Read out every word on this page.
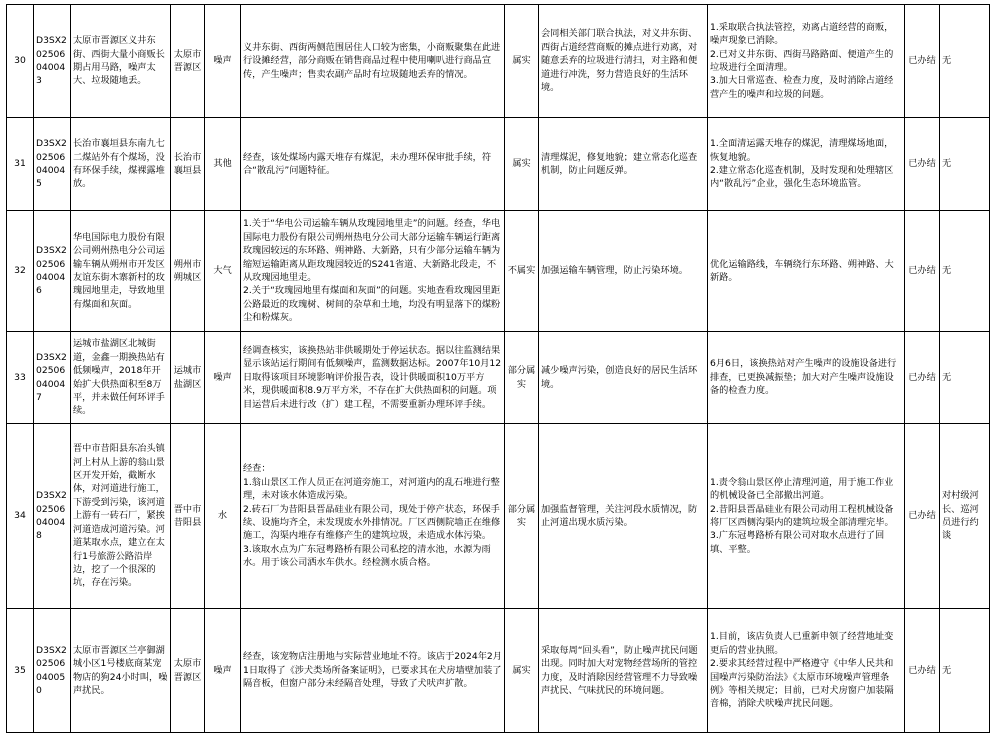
30	D3SX202506040043	太原市晋源区义井东街、西街大量小商贩长期占用马路，噪声太大、垃圾随地丢。	太原市晋源区	噪声	义井东街、西街两侧范围居住人口较为密集，小商贩聚集在此进行设摊经营，部分商贩在销售商品过程中使用喇叭进行商品宣传，产生噪声；售卖农副产品时有垃圾随地丢弃的情况。	属实	会同相关部门联合执法，对义井东街、西街占道经营商贩的摊点进行劝离，对随意丢弃的垃圾进行清扫，对主路和便道进行冲洗，努力营造良好的生活环境。	1.采取联合执法管控，劝离占道经营的商贩，噪声现象已消除。
2.已对义井东街、西街马路路面、便道产生的垃圾进行全面清理。
3.加大日常巡查、检查力度，及时消除占道经营产生的噪声和垃圾的问题。	已办结	无

31	D3SX202506040045	长治市襄垣县东南九七二煤站外有个煤场，没有环保手续，煤裸露堆放。	长治市襄垣县	其他	经查，该处煤场内露天堆存有煤泥，未办理环保审批手续，符合“散乱污”问题特征。	属实	清理煤泥，修复地貌；建立常态化巡查机制，防止问题反弹。	1.全面清运露天堆存的煤泥，清理煤场地面，恢复地貌。
2.建立常态化巡查机制，及时发现和处理辖区内“散乱污”企业，强化生态环境监管。	已办结	无

32	D3SX202506040046	华电国际电力股份有限公司朔州热电分公司运输车辆从朔州市开发区友谊东街木寨新村的玫瑰园地里走，导致地里有煤面和灰面。	朔州市朔城区	大气	1.关于“华电公司运输车辆从玫瑰园地里走”的问题。经查，华电国际电力股份有限公司朔州热电分公司大部分运输车辆运行距离玫瑰园较远的东环路、朔神路、大新路，只有少部分运输车辆为缩短运输距离从距玫瑰园较近的S241省道、大新路北段走，不从玫瑰园地里走。
2.关于“玫瑰园地里有煤面和灰面”的问题。实地查看玫瑰园里距公路最近的玫瑰树、树间的杂草和土地，均没有明显落下的煤粉尘和粉煤灰。	不属实	加强运输车辆管理，防止污染环境。	优化运输路线，车辆绕行东环路、朔神路、大新路。	已办结	无

33	D3SX202506040047	运城市盐湖区北城街道，金鑫一期换热站有低频噪声，2018年开始扩大供热面积至8万平，并未做任何环评手续。	运城市盐湖区	噪声	经调查核实，该换热站非供暖期处于停运状态。据以往监测结果显示该站运行期间有低频噪声，监测数据达标。2007年10月12日取得该项目环境影响评价报告表，设计供暖面积10万平方米，现供暖面积8.9万平方米，不存在扩大供热面积的问题。项目运营后未进行改（扩）建工程，不需要重新办理环评手续。	部分属实	减少噪声污染，创造良好的居民生活环境。	6月6日，该换热站对产生噪声的设施设备进行排查，已更换减振垫；加大对产生噪声设施设备的检查力度。	已办结	无

34	D3SX202506040048	晋中市昔阳县东冶头镇河上村从上游的翁山景区开发开始，截断水体，对河道进行施工，下游受到污染，该河道上游有一砖石厂，紧挨河道造成河道污染。河道某取水点，建立在太行1号旅游公路沿岸边，挖了一个很深的坑，存在污染。	晋中市昔阳县	水	经查：
1.翁山景区工作人员正在河道旁施工，对河道内的乱石堆进行整理，未对该水体造成污染。
2.砖石厂为昔阳县晋晶硅业有限公司，现处于停产状态，环保手续、设施均齐全，未发现废水外排情况。厂区西侧院墙正在维修施工，沟渠内堆存有维修产生的建筑垃圾，未造成水体污染。
3.该取水点为广东冠粤路桥有限公司私挖的清水池，水源为雨水。用于该公司洒水车供水。经检测水质合格。	部分属实	加强监督管理，关注河段水质情况，防止河道出现水质污染。	1.责令翁山景区停止清理河道，用于施工作业的机械设备已全部撤出河道。
2.昔阳县晋晶硅业有限公司动用工程机械设备将厂区西侧沟渠内的建筑垃圾全部清理完毕。
3.广东冠粤路桥有限公司对取水点进行了回填、平整。	已办结	对村级河长、巡河员进行约谈

35	D3SX202506040050	太原市晋源区兰亭御湖城小区1号楼底商某宠物店的狗24小时叫，噪声扰民。	太原市晋源区	噪声	经查，该宠物店注册地与实际营业地址不符。该店于2024年2月1日取得了《涉犬类场所备案证明》，已要求其在犬房墙壁加装了隔音板，但窗户部分未经隔音处理，导致了犬吠声扩散。	属实	采取每周“回头看”，防止噪声扰民问题出现。同时加大对宠物经营场所的管控力度，及时消除因经营管理不力导致噪声扰民、气味扰民的环境问题。	1.目前，该店负责人已重新申领了经营地址变更后的营业执照。
2.要求其经营过程中严格遵守《中华人民共和国噪声污染防治法》《太原市环境噪声管理条例》等相关规定；目前，已对犬房窗户加装隔音棉，消除犬吠噪声扰民问题。	已办结	无
